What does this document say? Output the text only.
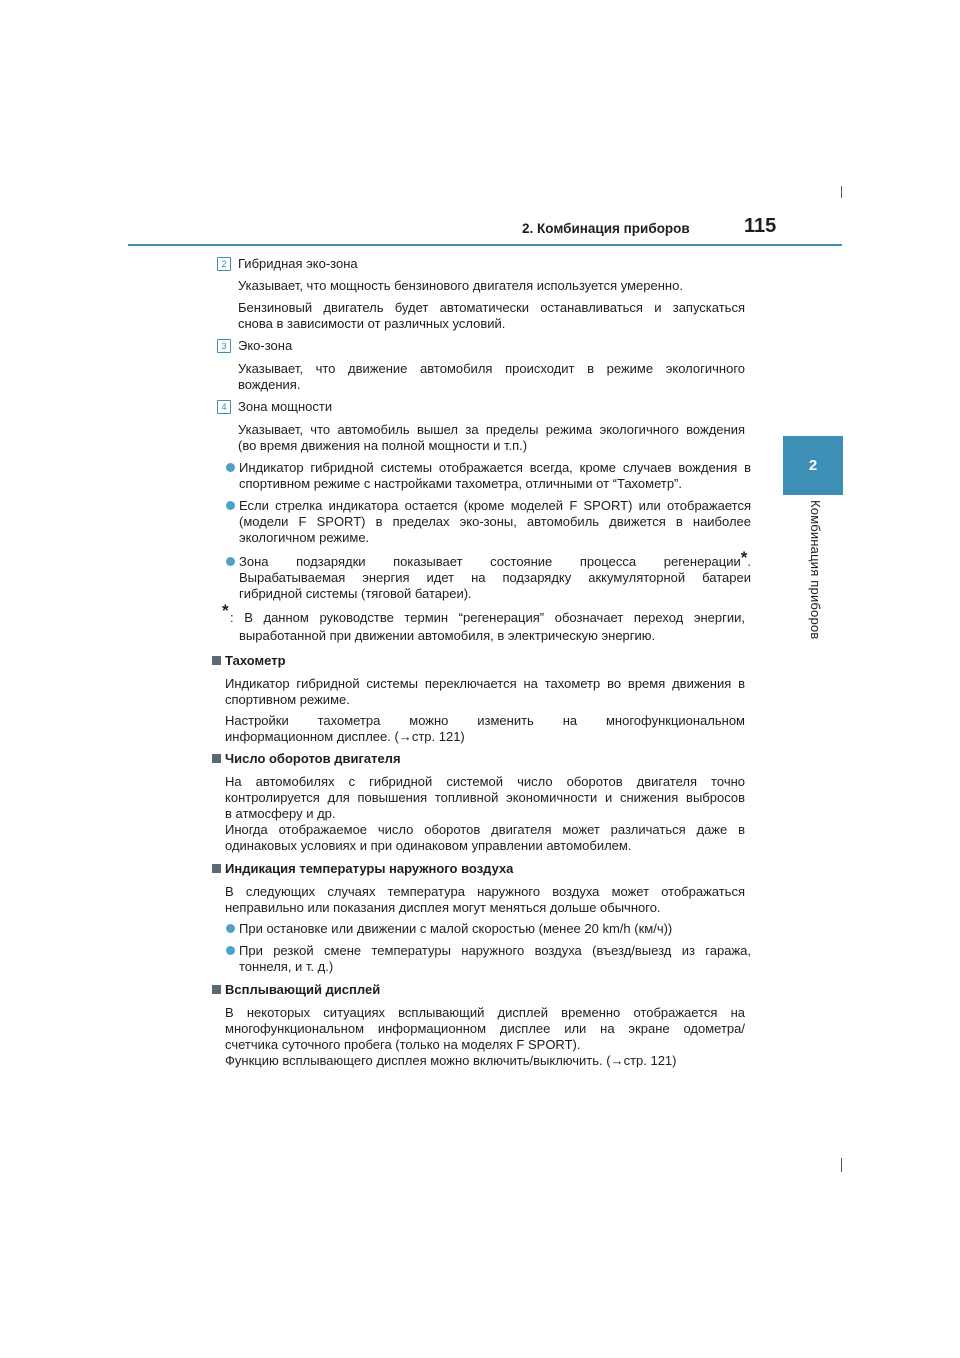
2. Комбинация приборов	115
2
Комбинация приборов
2 Гибридная эко-зона
Указывает, что мощность бензинового двигателя используется умеренно.
Бензиновый двигатель будет автоматически останавливаться и запускаться
снова в зависимости от различных условий.
3 Эко-зона
Указывает, что движение автомобиля происходит в режиме экологичного
вождения.
4 Зона мощности
Указывает, что автомобиль вышел за пределы режима экологичного вождения
(во время движения на полной мощности и т.п.)
Индикатор гибридной системы отображается всегда, кроме случаев вождения в
спортивном режиме с настройками тахометра, отличными от “Тахометр”.
Если стрелка индикатора остается (кроме моделей F SPORT) или отображается
(модели F SPORT) в пределах эко-зоны, автомобиль движется в наиболее
экологичном режиме.
Зона подзарядки показывает состояние процесса регенерации * .
Вырабатываемая энергия идет на подзарядку аккумуляторной батареи
гибридной системы (тяговой батареи).
* : В данном руководстве термин “регенерация” обозначает переход энергии,
выработанной при движении автомобиля, в электрическую энергию.
Тахометр
Индикатор гибридной системы переключается на тахометр во время движения в
спортивном режиме.
Настройки тахометра можно изменить на многофункциональном
информационном дисплее. (→стр. 121)
Число оборотов двигателя
На автомобилях с гибридной системой число оборотов двигателя точно
контролируется для повышения топливной экономичности и снижения выбросов
в атмосферу и др.
Иногда отображаемое число оборотов двигателя может различаться даже в
одинаковых условиях и при одинаковом управлении автомобилем.
Индикация температуры наружного воздуха
В следующих случаях температура наружного воздуха может отображаться
неправильно или показания дисплея могут меняться дольше обычного.
При остановке или движении с малой скоростью (менее 20 km/h (км/ч))
При резкой смене температуры наружного воздуха (въезд/выезд из гаража,
тоннеля, и т. д.)
Всплывающий дисплей
В некоторых ситуациях всплывающий дисплей временно отображается на
многофункциональном информационном дисплее или на экране одометра/
счетчика суточного пробега (только на моделях F SPORT).
Функцию всплывающего дисплея можно включить/выключить. (→стр. 121)
